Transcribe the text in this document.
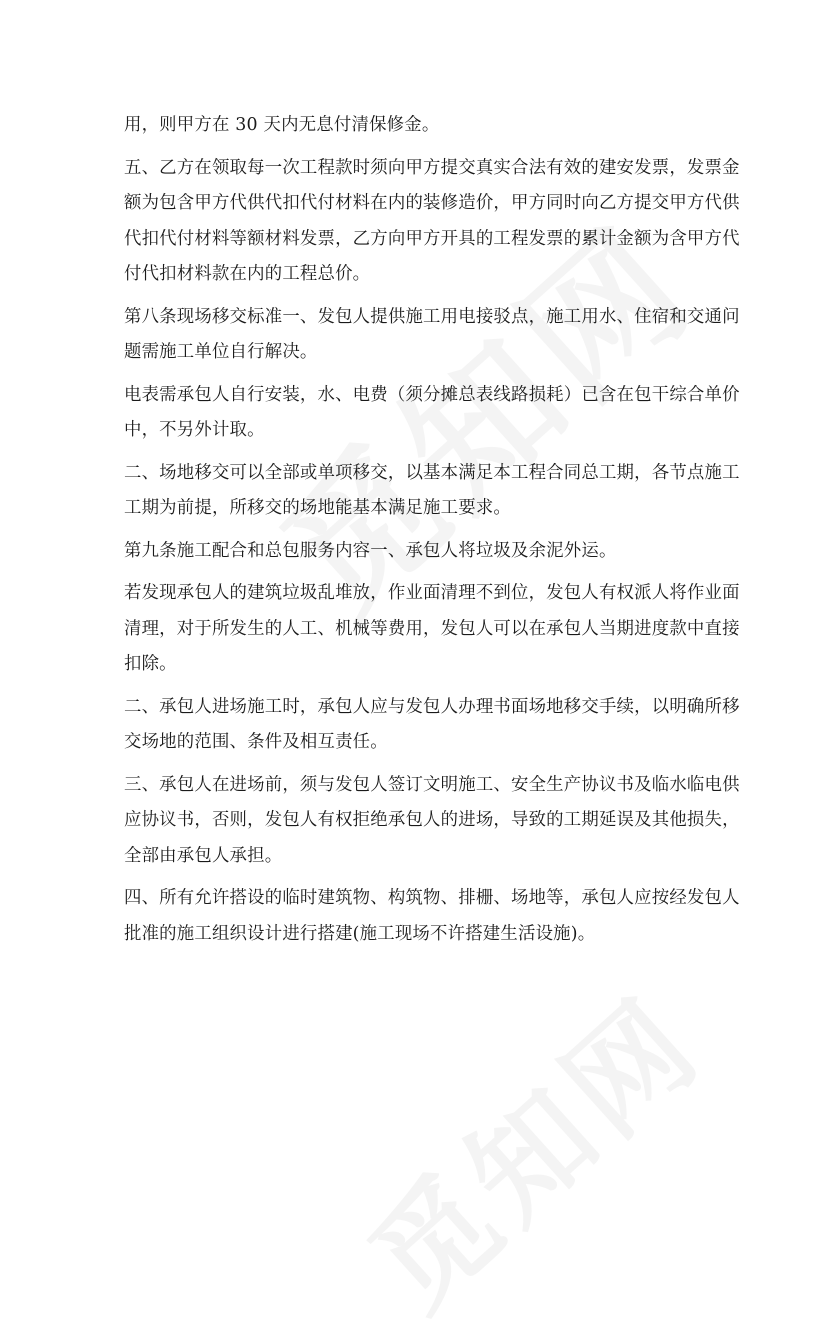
用，则甲方在 30 天内无息付清保修金。

五、乙方在领取每一次工程款时须向甲方提交真实合法有效的建安发票，发票金
额为包含甲方代供代扣代付材料在内的装修造价，甲方同时向乙方提交甲方代供
代扣代付材料等额材料发票，乙方向甲方开具的工程发票的累计金额为含甲方代
付代扣材料款在内的工程总价。

第八条现场移交标准一、发包人提供施工用电接驳点，施工用水、住宿和交通问
题需施工单位自行解决。

电表需承包人自行安装，水、电费（须分摊总表线路损耗）已含在包干综合单价
中，不另外计取。

二、场地移交可以全部或单项移交，以基本满足本工程合同总工期，各节点施工
工期为前提，所移交的场地能基本满足施工要求。

第九条施工配合和总包服务内容一、承包人将垃圾及余泥外运。

若发现承包人的建筑垃圾乱堆放，作业面清理不到位，发包人有权派人将作业面
清理，对于所发生的人工、机械等费用，发包人可以在承包人当期进度款中直接
扣除。

二、承包人进场施工时，承包人应与发包人办理书面场地移交手续，以明确所移
交场地的范围、条件及相互责任。

三、承包人在进场前，须与发包人签订文明施工、安全生产协议书及临水临电供
应协议书，否则，发包人有权拒绝承包人的进场，导致的工期延误及其他损失，
全部由承包人承担。

四、所有允许搭设的临时建筑物、构筑物、排栅、场地等，承包人应按经发包人
批准的施工组织设计进行搭建(施工现场不许搭建生活设施)。
